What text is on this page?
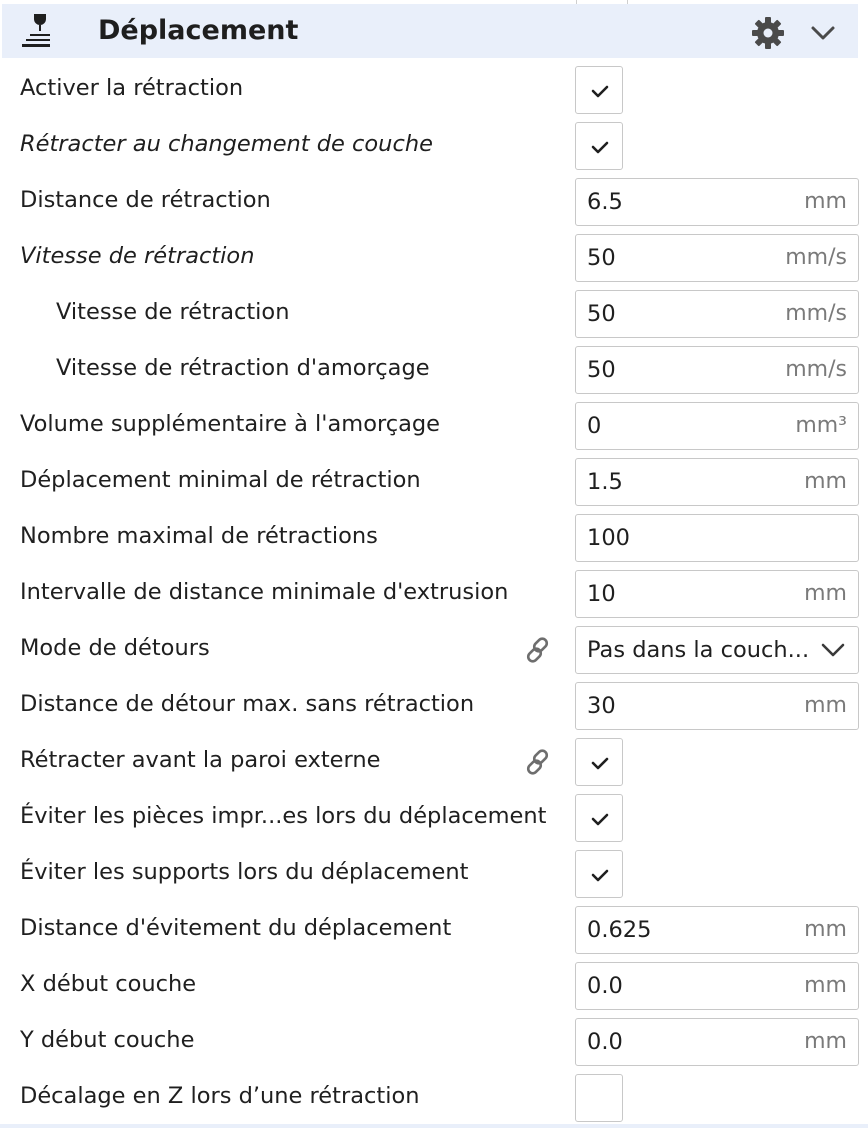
Déplacement
Activer la rétraction
Rétracter au changement de couche
Distance de rétraction	6.5	mm
Vitesse de rétraction	50	mm/s
Vitesse de rétraction	50	mm/s
Vitesse de rétraction d'amorçage	50	mm/s
Volume supplémentaire à l'amorçage	0	mm³
Déplacement minimal de rétraction	1.5	mm
Nombre maximal de rétractions	100
Intervalle de distance minimale d'extrusion	10	mm
Mode de détours	Pas dans la couch...
Distance de détour max. sans rétraction	30	mm
Rétracter avant la paroi externe
Éviter les pièces impr...es lors du déplacement
Éviter les supports lors du déplacement
Distance d'évitement du déplacement	0.625	mm
X début couche	0.0	mm
Y début couche	0.0	mm
Décalage en Z lors d’une rétraction
